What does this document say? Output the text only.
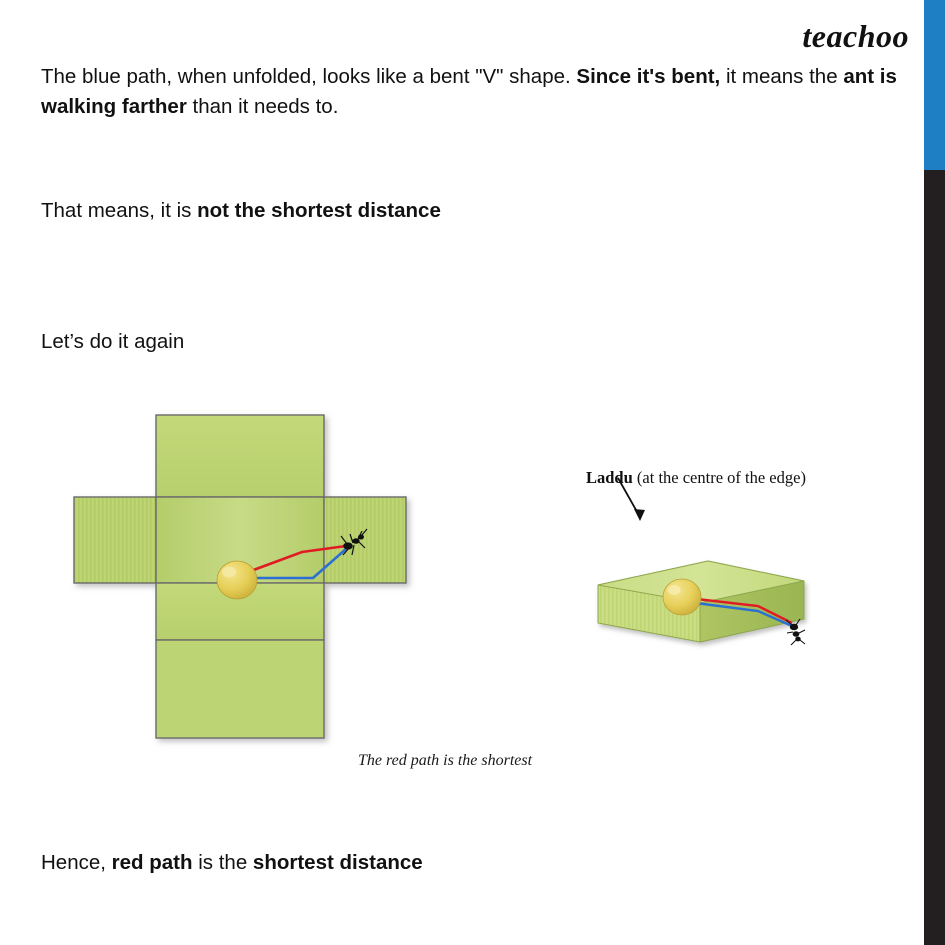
teachoo
The blue path, when unfolded, looks like a bent "V" shape. Since it's bent, it means the ant is walking farther than it needs to.
That means, it is not the shortest distance
Let’s do it again
Hence, red path is the shortest distance
The red path is the shortest
Laddu (at the centre of the edge)
